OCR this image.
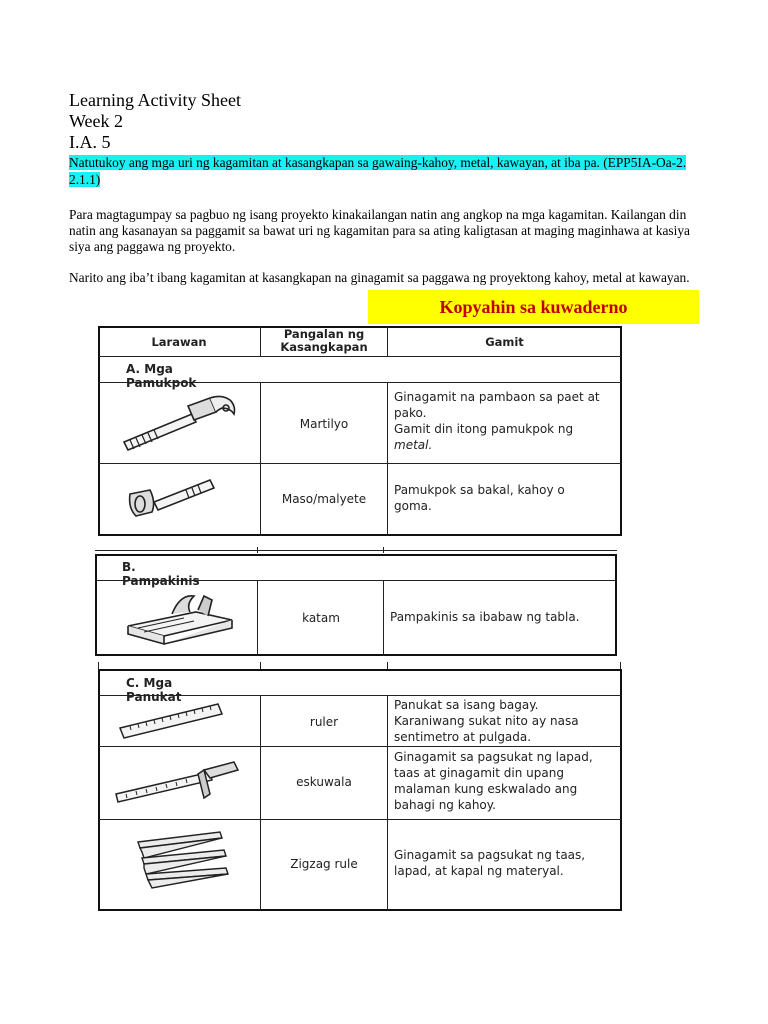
Learning Activity Sheet
Week 2
I.A. 5
Natutukoy ang mga uri ng kagamitan at kasangkapan sa gawaing-kahoy, metal, kawayan, at iba pa. (EPP5IA-Oa-2. 2.1.1)
Para magtagumpay sa pagbuo ng isang proyekto kinakailangan natin ang angkop na mga kagamitan. Kailangan din natin ang kasanayan sa paggamit sa bawat uri ng kagamitan para sa ating kaligtasan at maging maginhawa at kasiya siya ang paggawa ng proyekto.
Narito ang iba’t ibang kagamitan at kasangkapan na ginagamit sa paggawa ng proyektong kahoy, metal at kawayan.
Kopyahin sa kuwaderno
Larawan
Pangalan ng Kasangkapan	Gamit
A. Mga Pamukpok
Martilyo
Ginagamit na pambaon sa paet at
pako.
Gamit din itong pamukpok ng
metal.
Maso/malyete
Pamukpok sa bakal, kahoy o
goma.
B. Pampakinis
katam	Pampakinis sa ibabaw ng tabla.
C. Mga Panukat
ruler
Panukat sa isang bagay.
Karaniwang sukat nito ay nasa
sentimetro at pulgada.
eskuwala
Ginagamit sa pagsukat ng lapad,
taas at ginagamit din upang
malaman kung eskwalado ang
bahagi ng kahoy.
Zigzag rule
Ginagamit sa pagsukat ng taas,
lapad, at kapal ng materyal.
